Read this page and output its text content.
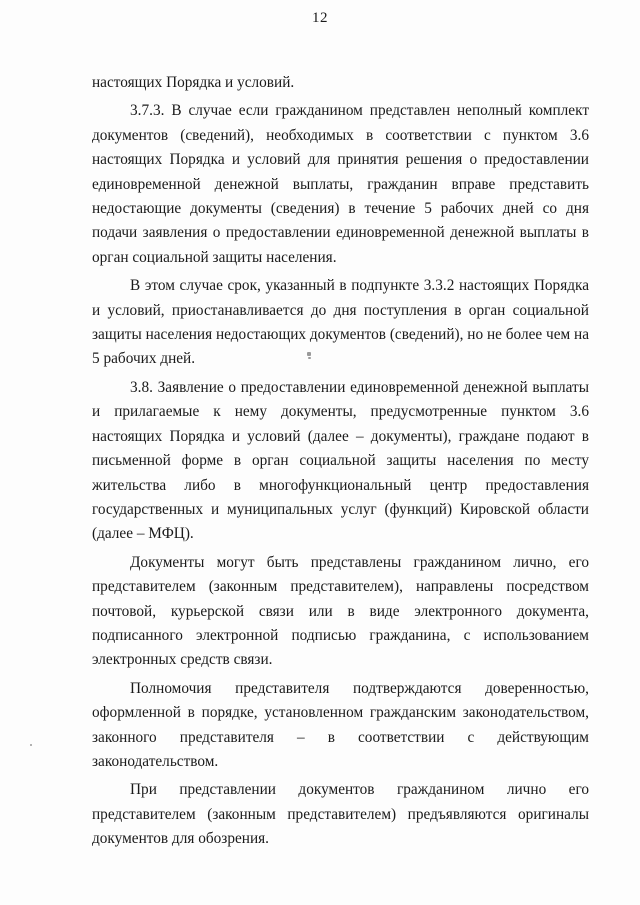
12

настоящих Порядка и условий.

3.7.3. В случае если гражданином представлен неполный комплект документов (сведений), необходимых в соответствии с пунктом 3.6 настоящих Порядка и условий для принятия решения о предоставлении единовременной денежной выплаты, гражданин вправе представить недостающие документы (сведения) в течение 5 рабочих дней со дня подачи заявления о предоставлении единовременной денежной выплаты в орган социальной защиты населения.

В этом случае срок, указанный в подпункте 3.3.2 настоящих Порядка и условий, приостанавливается до дня поступления в орган социальной защиты населения недостающих документов (сведений), но не более чем на 5 рабочих дней.

3.8. Заявление о предоставлении единовременной денежной выплаты и прилагаемые к нему документы, предусмотренные пунктом 3.6 настоящих Порядка и условий (далее – документы), граждане подают в письменной форме в орган социальной защиты населения по месту жительства либо в многофункциональный центр предоставления государственных и муниципальных услуг (функций) Кировской области (далее – МФЦ).

Документы могут быть представлены гражданином лично, его представителем (законным представителем), направлены посредством почтовой, курьерской связи или в виде электронного документа, подписанного электронной подписью гражданина, с использованием электронных средств связи.

Полномочия представителя подтверждаются доверенностью, оформленной в порядке, установленном гражданским законодательством, законного представителя – в соответствии с действующим законодательством.

При представлении документов гражданином лично его представителем (законным представителем) предъявляются оригиналы документов для обозрения.
